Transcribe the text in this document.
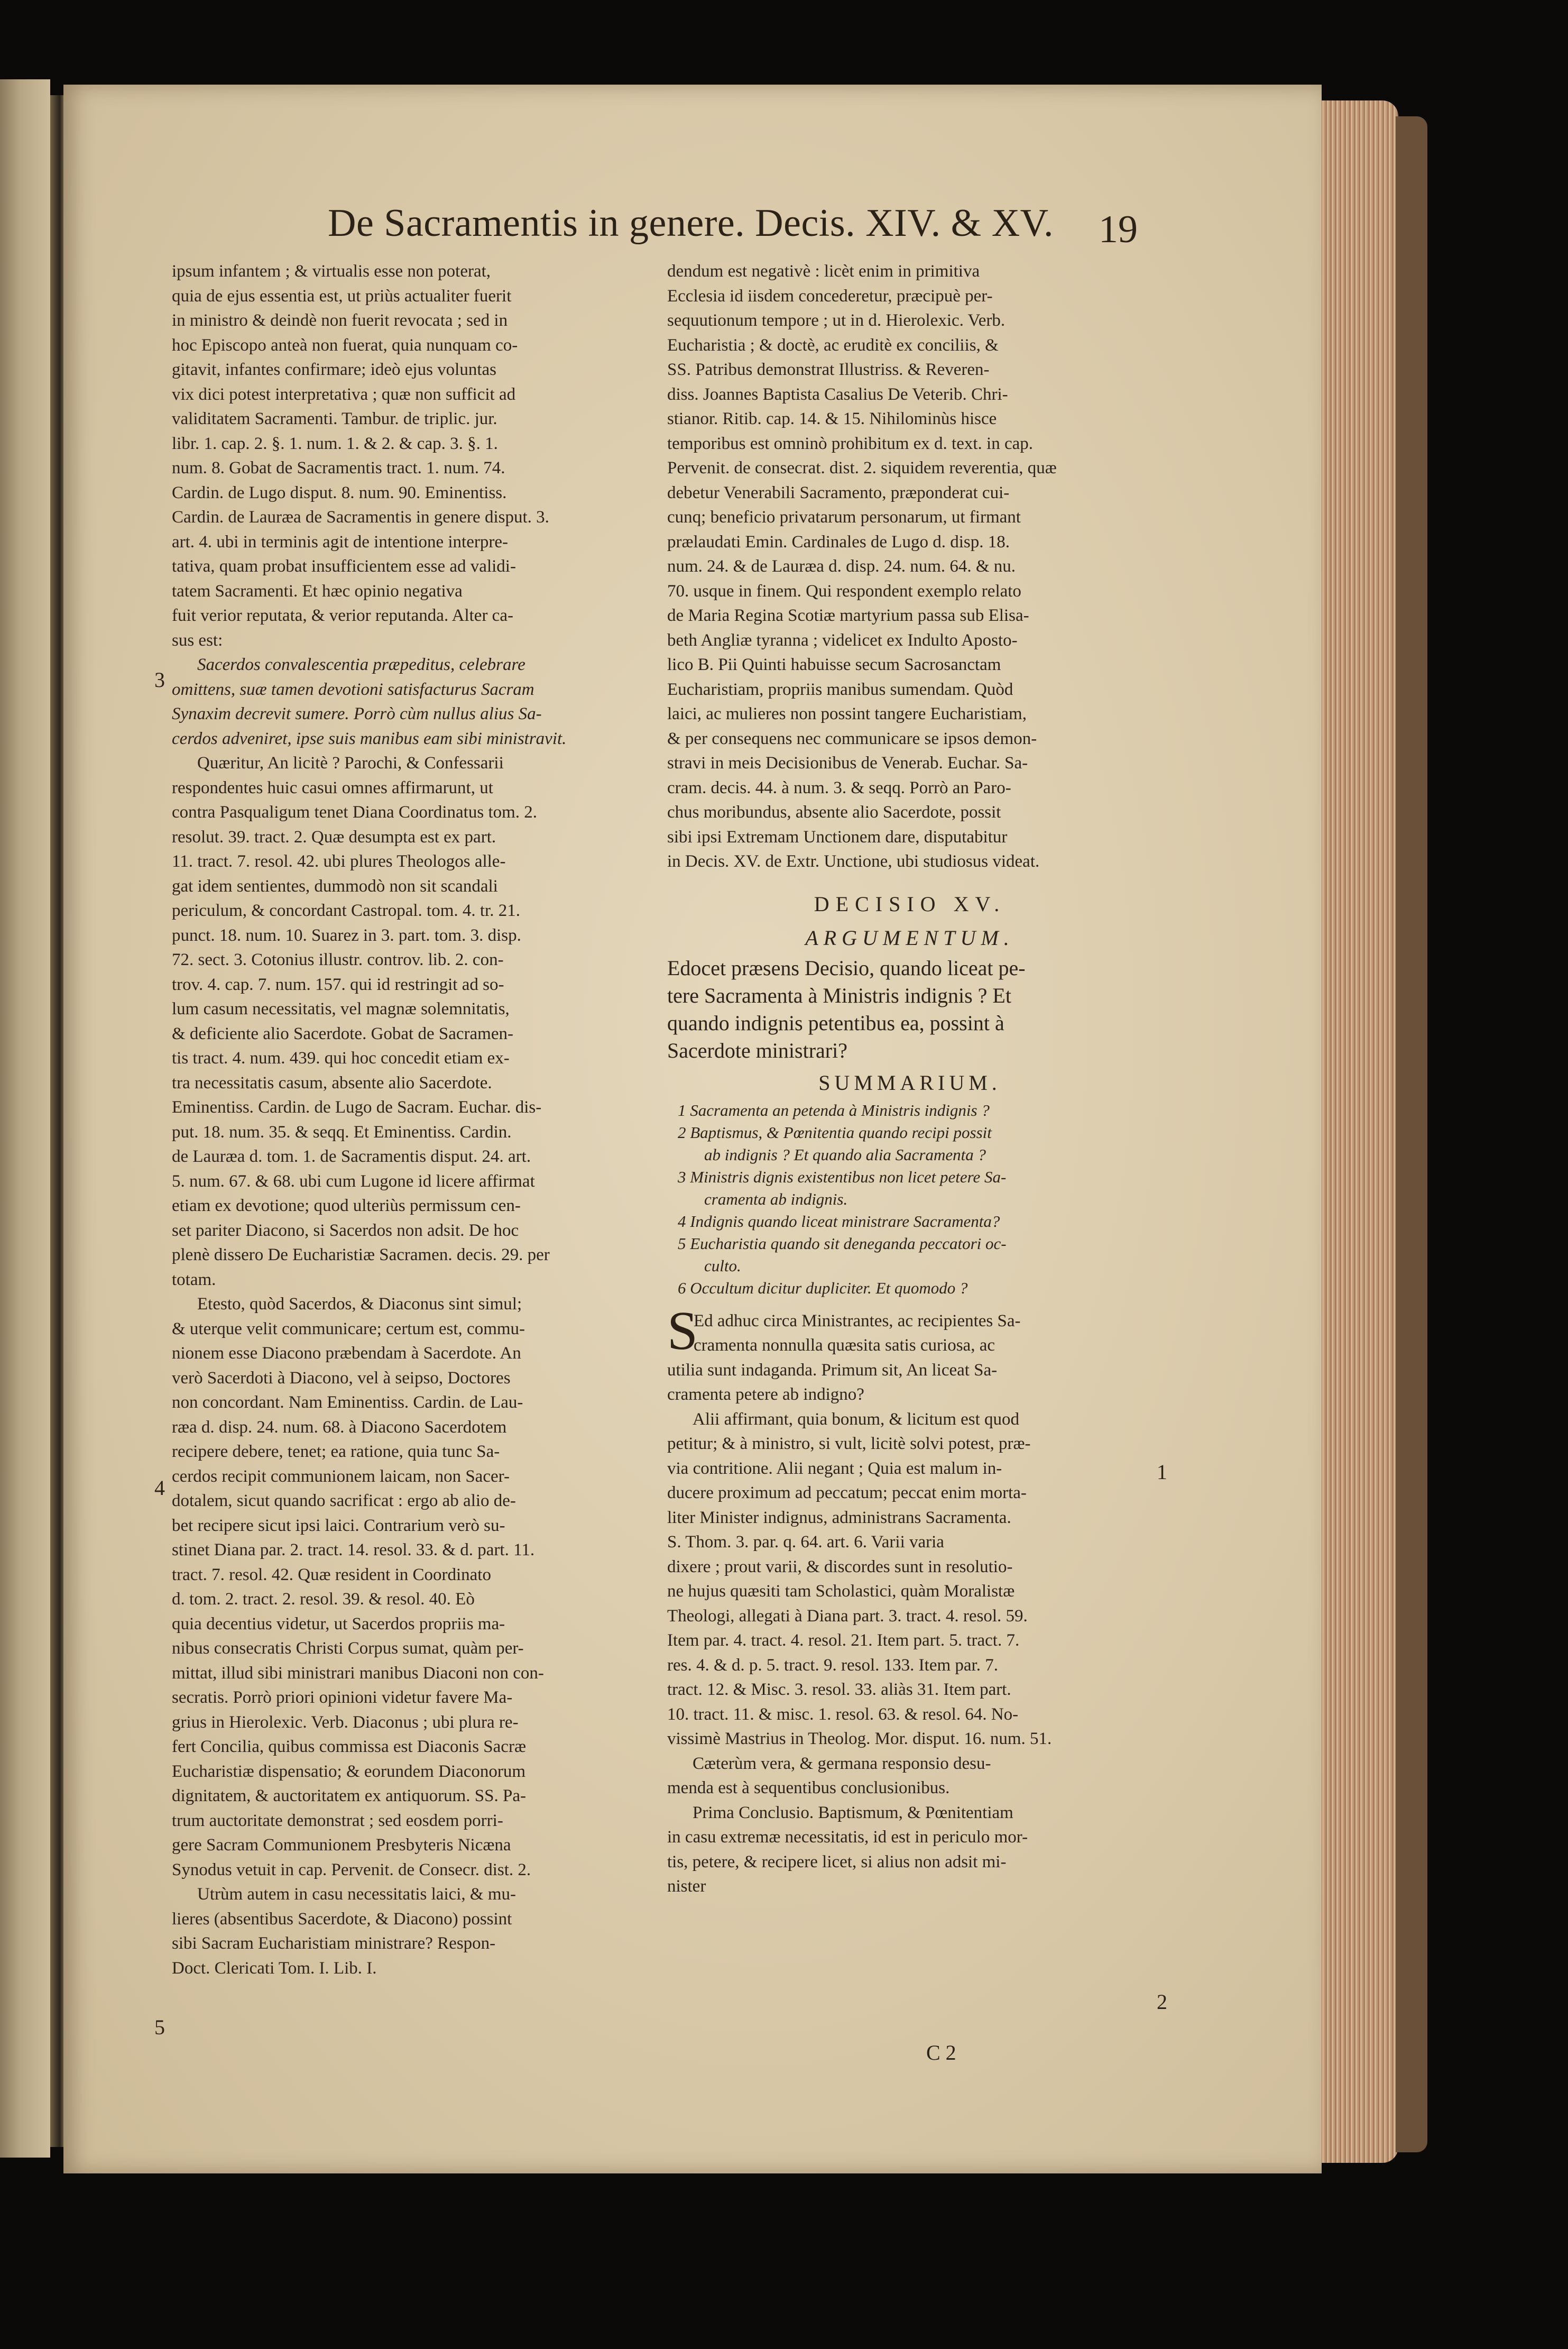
De Sacramentis in genere. Decis. XIV. & XV.	19
ipsum infantem ; & virtualis esse non poterat,
quia de ejus essentia est, ut priùs actualiter fuerit
in ministro & deindè non fuerit revocata ; sed in
hoc Episcopo anteà non fuerat, quia nunquam co-
gitavit, infantes confirmare; ideò ejus voluntas
vix dici potest interpretativa ; quæ non sufficit ad
validitatem Sacramenti. Tambur. de triplic. jur.
libr. 1. cap. 2. §. 1. num. 1. & 2. & cap. 3. §. 1.
num. 8. Gobat de Sacramentis tract. 1. num. 74.
Cardin. de Lugo disput. 8. num. 90. Eminentiss.
Cardin. de Lauræa de Sacramentis in genere disput. 3.
art. 4. ubi in terminis agit de intentione interpre-
tativa, quam probat insufficientem esse ad validi-
tatem Sacramenti. Et hæc opinio negativa
fuit verior reputata, & verior reputanda. Alter ca-
sus est:
Sacerdos convalescentia præpeditus, celebrare
omittens, suæ tamen devotioni satisfacturus Sacram
Synaxim decrevit sumere. Porrò cùm nullus alius Sa-
cerdos adveniret, ipse suis manibus eam sibi ministravit.
Quæritur, An licitè ? Parochi, & Confessarii
respondentes huic casui omnes affirmarunt, ut
contra Pasqualigum tenet Diana Coordinatus tom. 2.
resolut. 39. tract. 2. Quæ desumpta est ex part.
11. tract. 7. resol. 42. ubi plures Theologos alle-
gat idem sentientes, dummodò non sit scandali
periculum, & concordant Castropal. tom. 4. tr. 21.
punct. 18. num. 10. Suarez in 3. part. tom. 3. disp.
72. sect. 3. Cotonius illustr. controv. lib. 2. con-
trov. 4. cap. 7. num. 157. qui id restringit ad so-
lum casum necessitatis, vel magnæ solemnitatis,
& deficiente alio Sacerdote. Gobat de Sacramen-
tis tract. 4. num. 439. qui hoc concedit etiam ex-
tra necessitatis casum, absente alio Sacerdote.
Eminentiss. Cardin. de Lugo de Sacram. Euchar. dis-
put. 18. num. 35. & seqq. Et Eminentiss. Cardin.
de Lauræa d. tom. 1. de Sacramentis disput. 24. art.
5. num. 67. & 68. ubi cum Lugone id licere affirmat
etiam ex devotione; quod ulteriùs permissum cen-
set pariter Diacono, si Sacerdos non adsit. De hoc
plenè dissero De Eucharistiæ Sacramen. decis. 29. per
totam.
Etesto, quòd Sacerdos, & Diaconus sint simul;
& uterque velit communicare; certum est, commu-
nionem esse Diacono præbendam à Sacerdote. An
verò Sacerdoti à Diacono, vel à seipso, Doctores
non concordant. Nam Eminentiss. Cardin. de Lau-
ræa d. disp. 24. num. 68. à Diacono Sacerdotem
recipere debere, tenet; ea ratione, quia tunc Sa-
cerdos recipit communionem laicam, non Sacer-
dotalem, sicut quando sacrificat : ergo ab alio de-
bet recipere sicut ipsi laici. Contrarium verò su-
stinet Diana par. 2. tract. 14. resol. 33. & d. part. 11.
tract. 7. resol. 42. Quæ resident in Coordinato
d. tom. 2. tract. 2. resol. 39. & resol. 40. Eò
quia decentius videtur, ut Sacerdos propriis ma-
nibus consecratis Christi Corpus sumat, quàm per-
mittat, illud sibi ministrari manibus Diaconi non con-
secratis. Porrò priori opinioni videtur favere Ma-
grius in Hierolexic. Verb. Diaconus ; ubi plura re-
fert Concilia, quibus commissa est Diaconis Sacræ
Eucharistiæ dispensatio; & eorundem Diaconorum
dignitatem, & auctoritatem ex antiquorum. SS. Pa-
trum auctoritate demonstrat ; sed eosdem porri-
gere Sacram Communionem Presbyteris Nicæna
Synodus vetuit in cap. Pervenit. de Consecr. dist. 2.
Utrùm autem in casu necessitatis laici, & mu-
lieres (absentibus Sacerdote, & Diacono) possint
sibi Sacram Eucharistiam ministrare? Respon-
Doct. Clericati Tom. I. Lib. I.
dendum est negativè : licèt enim in primitiva
Ecclesia id iisdem concederetur, præcipuè per-
sequutionum tempore ; ut in d. Hierolexic. Verb.
Eucharistia ; & doctè, ac eruditè ex conciliis, &
SS. Patribus demonstrat Illustriss. & Reveren-
diss. Joannes Baptista Casalius De Veterib. Chri-
stianor. Ritib. cap. 14. & 15. Nihilominùs hisce
temporibus est omninò prohibitum ex d. text. in cap.
Pervenit. de consecrat. dist. 2. siquidem reverentia, quæ
debetur Venerabili Sacramento, præponderat cui-
cunq; beneficio privatarum personarum, ut firmant
prælaudati Emin. Cardinales de Lugo d. disp. 18.
num. 24. & de Lauræa d. disp. 24. num. 64. & nu.
70. usque in finem. Qui respondent exemplo relato
de Maria Regina Scotiæ martyrium passa sub Elisa-
beth Angliæ tyranna ; videlicet ex Indulto Aposto-
lico B. Pii Quinti habuisse secum Sacrosanctam
Eucharistiam, propriis manibus sumendam. Quòd
laici, ac mulieres non possint tangere Eucharistiam,
& per consequens nec communicare se ipsos demon-
stravi in meis Decisionibus de Venerab. Euchar. Sa-
cram. decis. 44. à num. 3. & seqq. Porrò an Paro-
chus moribundus, absente alio Sacerdote, possit
sibi ipsi Extremam Unctionem dare, disputabitur
in Decis. XV. de Extr. Unctione, ubi studiosus videat.
DECISIO XV.
ARGUMENTUM.
Edocet præsens Decisio, quando liceat pe-
tere Sacramenta à Ministris indignis ? Et
quando indignis petentibus ea, possint à
Sacerdote ministrari?
SUMMARIUM.
1 Sacramenta an petenda à Ministris indignis ?
2 Baptismus, & Pœnitentia quando recipi possit
ab indignis ? Et quando alia Sacramenta ?
3 Ministris dignis existentibus non licet petere Sa-
cramenta ab indignis.
4 Indignis quando liceat ministrare Sacramenta?
5 Eucharistia quando sit deneganda peccatori oc-
culto.
6 Occultum dicitur dupliciter. Et quomodo ?
S
Ed adhuc circa Ministrantes, ac recipientes Sa-
cramenta nonnulla quæsita satis curiosa, ac
utilia sunt indaganda. Primum sit, An liceat Sa-
cramenta petere ab indigno?
Alii affirmant, quia bonum, & licitum est quod
petitur; & à ministro, si vult, licitè solvi potest, præ-
via contritione. Alii negant ; Quia est malum in-
ducere proximum ad peccatum; peccat enim morta-
liter Minister indignus, administrans Sacramenta.
S. Thom. 3. par. q. 64. art. 6. Varii varia
dixere ; prout varii, & discordes sunt in resolutio-
ne hujus quæsiti tam Scholastici, quàm Moralistæ
Theologi, allegati à Diana part. 3. tract. 4. resol. 59.
Item par. 4. tract. 4. resol. 21. Item part. 5. tract. 7.
res. 4. & d. p. 5. tract. 9. resol. 133. Item par. 7.
tract. 12. & Misc. 3. resol. 33. aliàs 31. Item part.
10. tract. 11. & misc. 1. resol. 63. & resol. 64. No-
vissimè Mastrius in Theolog. Mor. disput. 16. num. 51.
Cæterùm vera, & germana responsio desu-
menda est à sequentibus conclusionibus.
Prima Conclusio. Baptismum, & Pœnitentiam
in casu extremæ necessitatis, id est in periculo mor-
tis, petere, & recipere licet, si alius non adsit mi-
nister
3
4
5
1
2
C 2
